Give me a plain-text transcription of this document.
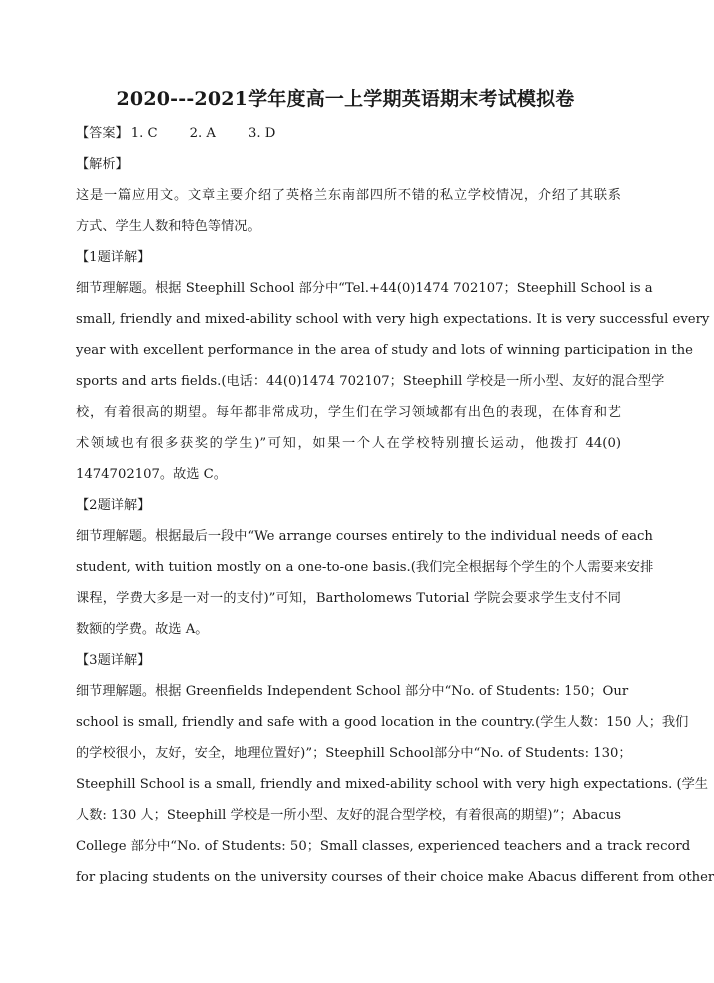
2020---2021学年度高一上学期英语期末考试模拟卷
【答案】 1. C 2. A 3. D
【解析】
这是一篇应用文。文章主要介绍了英格兰东南部四所不错的私立学校情况，介绍了其联系
方式、学生人数和特色等情况。
【1题详解】
细节理解题。根据 Steephill School 部分中“Tel.+44(0)1474 702107；Steephill School is a
small, friendly and mixed-ability school with very high expectations. It is very successful every
year with excellent performance in the area of study and lots of winning participation in the
sports and arts fields.(电话：44(0)1474 702107；Steephill 学校是一所小型、友好的混合型学
校，有着很高的期望。每年都非常成功，学生们在学习领域都有出色的表现，在体育和艺
术领域也有很多获奖的学生)”可知，如果一个人在学校特别擅长运动，他拨打 44(0)
1474702107。故选 C。
【2题详解】
细节理解题。根据最后一段中“We arrange courses entirely to the individual needs of each
student, with tuition mostly on a one-to-one basis.(我们完全根据每个学生的个人需要来安排
课程，学费大多是一对一的支付)”可知，Bartholomews Tutorial 学院会要求学生支付不同
数额的学费。故选 A。
【3题详解】
细节理解题。根据 Greenfields Independent School 部分中“No. of Students: 150；Our
school is small, friendly and safe with a good location in the country.(学生人数：150 人；我们
的学校很小，友好，安全，地理位置好)”；Steephill School部分中“No. of Students: 130；
Steephill School is a small, friendly and mixed-ability school with very high expectations. (学生
人数: 130 人；Steephill 学校是一所小型、友好的混合型学校，有着很高的期望)”；Abacus
College 部分中“No. of Students: 50；Small classes, experienced teachers and a track record
for placing students on the university courses of their choice make Abacus different from other
